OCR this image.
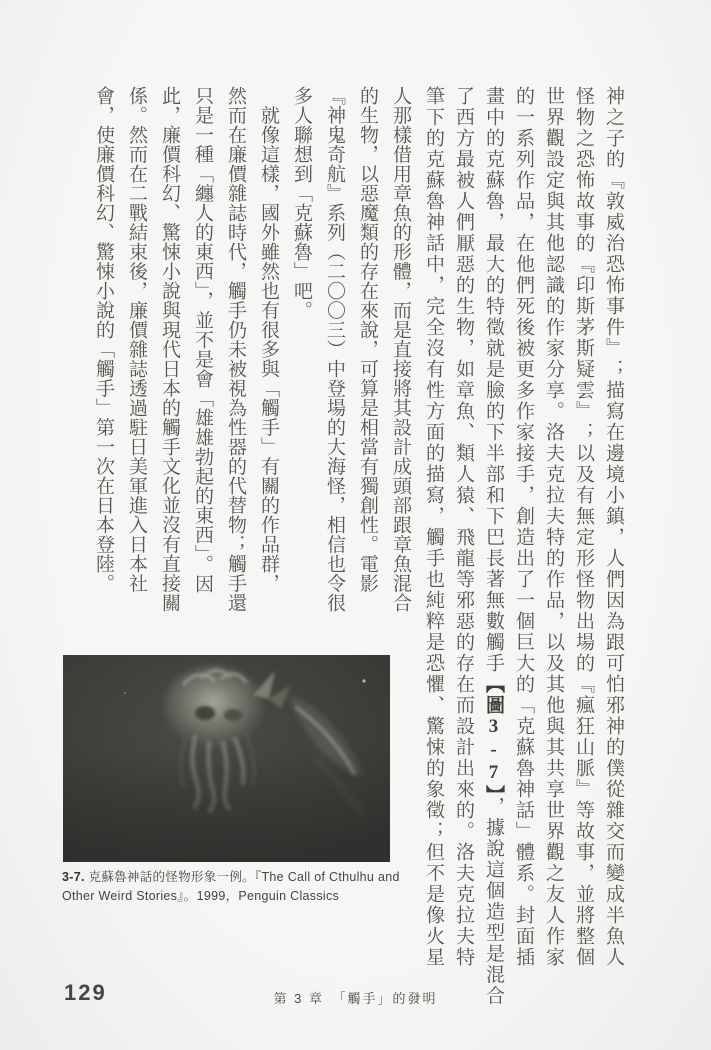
神之子的『敦威治恐怖事件』；描寫在邊境小鎮，人們因為跟可怕邪神的僕從雜交而變成半魚人
怪物之恐怖故事的『印斯茅斯疑雲』；以及有無定形怪物出場的『瘋狂山脈』等故事，並將整個
世界觀設定與其他認識的作家分享。洛夫克拉夫特的作品，以及其他與其共享世界觀之友人作家
的一系列作品，在他們死後被更多作家接手，創造出了一個巨大的「克蘇魯神話」體系。封面插
畫中的克蘇魯，最大的特徵就是臉的下半部和下巴長著無數觸手【圖3-7】，據說這個造型是混合
了西方最被人們厭惡的生物，如章魚、類人猿、飛龍等邪惡的存在而設計出來的。洛夫克拉夫特
筆下的克蘇魯神話中，完全沒有性方面的描寫，觸手也純粹是恐懼、驚悚的象徵；但不是像火星
人那樣借用章魚的形體，而是直接將其設計成頭部跟章魚混合
的生物，以惡魔類的存在來說，可算是相當有獨創性。電影
『神鬼奇航』系列（二〇〇三）中登場的大海怪，相信也令很
多人聯想到「克蘇魯」吧。
　就像這樣，國外雖然也有很多與「觸手」有關的作品群，
然而在廉價雜誌時代，觸手仍未被視為性器的代替物；觸手還
只是一種「纏人的東西」，並不是會「雄雄勃起的東西」。因
此，廉價科幻、驚悚小說與現代日本的觸手文化並沒有直接關
係。然而在二戰結束後，廉價雜誌透過駐日美軍進入日本社
會，使廉價科幻、驚悚小說的「觸手」第一次在日本登陸。

3-7. 克蘇魯神話的怪物形象一例。『The Call of Cthulhu and Other Weird Stories』。1999，Penguin Classics

129	第 3 章　「觸手」的發明
